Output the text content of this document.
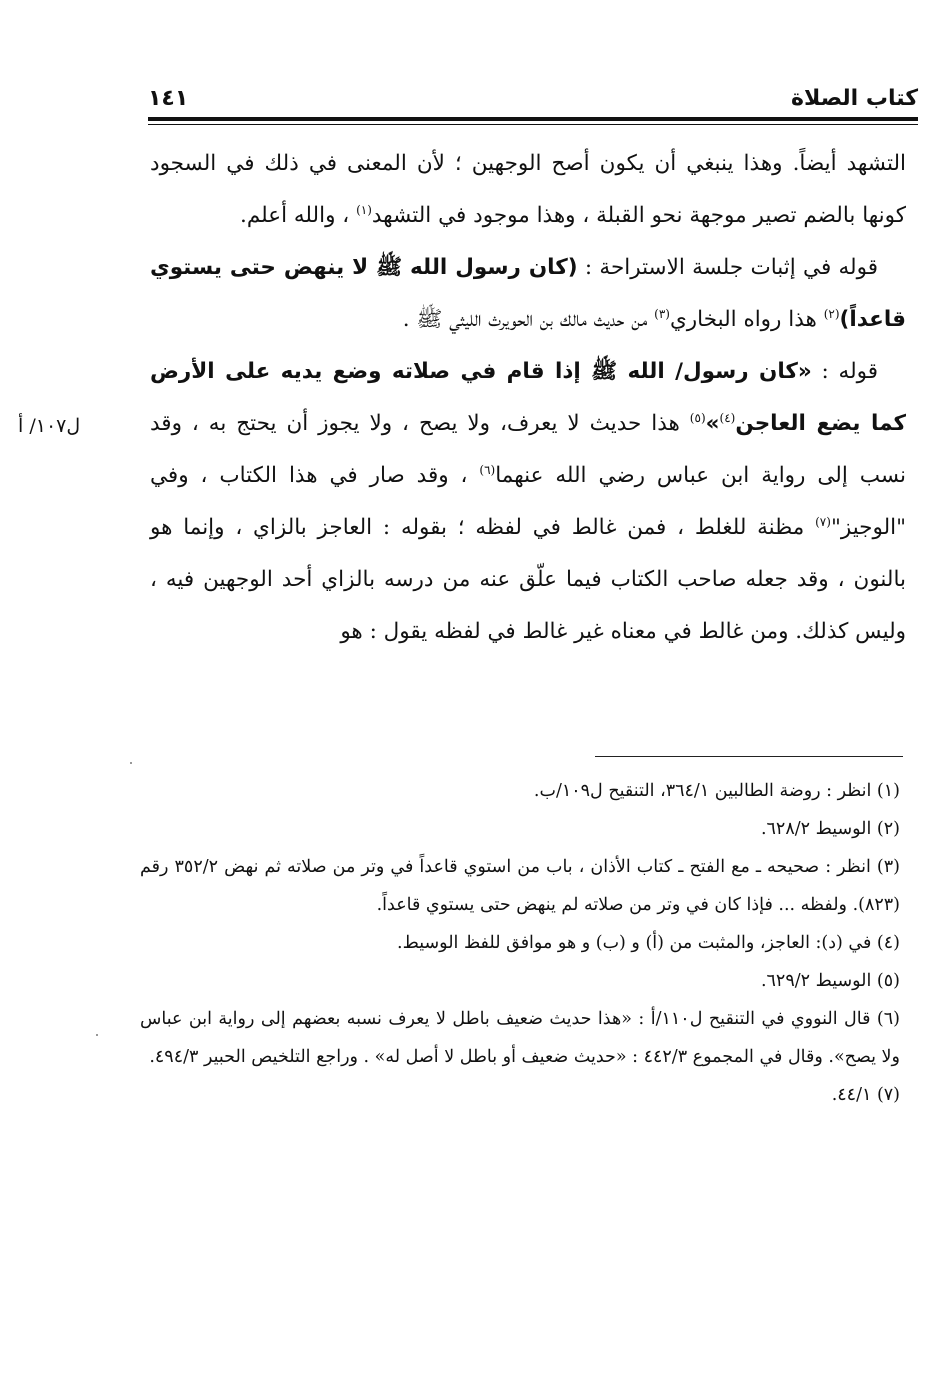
كتاب الصلاة
١٤١
ل١٠٧/ أ

التشهد أيضاً. وهذا ينبغي أن يكون أصح الوجهين ؛ لأن المعنى في ذلك في السجود كونها بالضم تصير موجهة نحو القبلة ، وهذا موجود في التشهد$^{(١)}$ ، والله أعلم.

قوله في إثبات جلسة الاستراحة : (كان رسول الله ﷺ لا ينهض حتى يستوي قاعداً)$^{(٢)}$ هذا رواه البخاري$^{(٣)}$ من حديث مالك بن الحويرث الليثي ﷺ .

قوله : «كان رسول/ الله ﷺ إذا قام في صلاته وضع يديه على الأرض كما يضع العاجن$^{(٤)}$»$^{(٥)}$ هذا حديث لا يعرف، ولا يصح ، ولا يجوز أن يحتج به ، وقد نسب إلى رواية ابن عباس رضي الله عنهما$^{(٦)}$ ، وقد صار في هذا الكتاب ، وفي "الوجيز"$^{(٧)}$ مظنة للغلط ، فمن غالط في لفظه ؛ بقوله : العاجز بالزاي ، وإنما هو بالنون ، وقد جعله صاحب الكتاب فيما علّق عنه من درسه بالزاي أحد الوجهين فيه ، وليس كذلك. ومن غالط في معناه غير غالط في لفظه يقول : هو

(١) انظر : روضة الطالبين ٣٦٤/١، التنقيح ل١٠٩/ب.

(٢) الوسيط ٦٢٨/٢.

(٣) انظر : صحيحه ـ مع الفتح ـ كتاب الأذان ، باب من استوي قاعداً في وتر من صلاته ثم نهض ٣٥٢/٢ رقم (٨٢٣). ولفظه ... فإذا كان في وتر من صلاته لم ينهض حتى يستوي قاعداً.

(٤) في (د): العاجز، والمثبت من (أ) و (ب) و هو موافق للفظ الوسيط.

(٥) الوسيط ٦٢٩/٢.

(٦) قال النووي في التنقيح ل١١٠/أ : «هذا حديث ضعيف باطل لا يعرف نسبه بعضهم إلى رواية ابن عباس ولا يصح». وقال في المجموع ٤٤٢/٣ : «حديث ضعيف أو باطل لا أصل له» . وراجع التلخيص الحبير ٤٩٤/٣.

(٧) ٤٤/١.
